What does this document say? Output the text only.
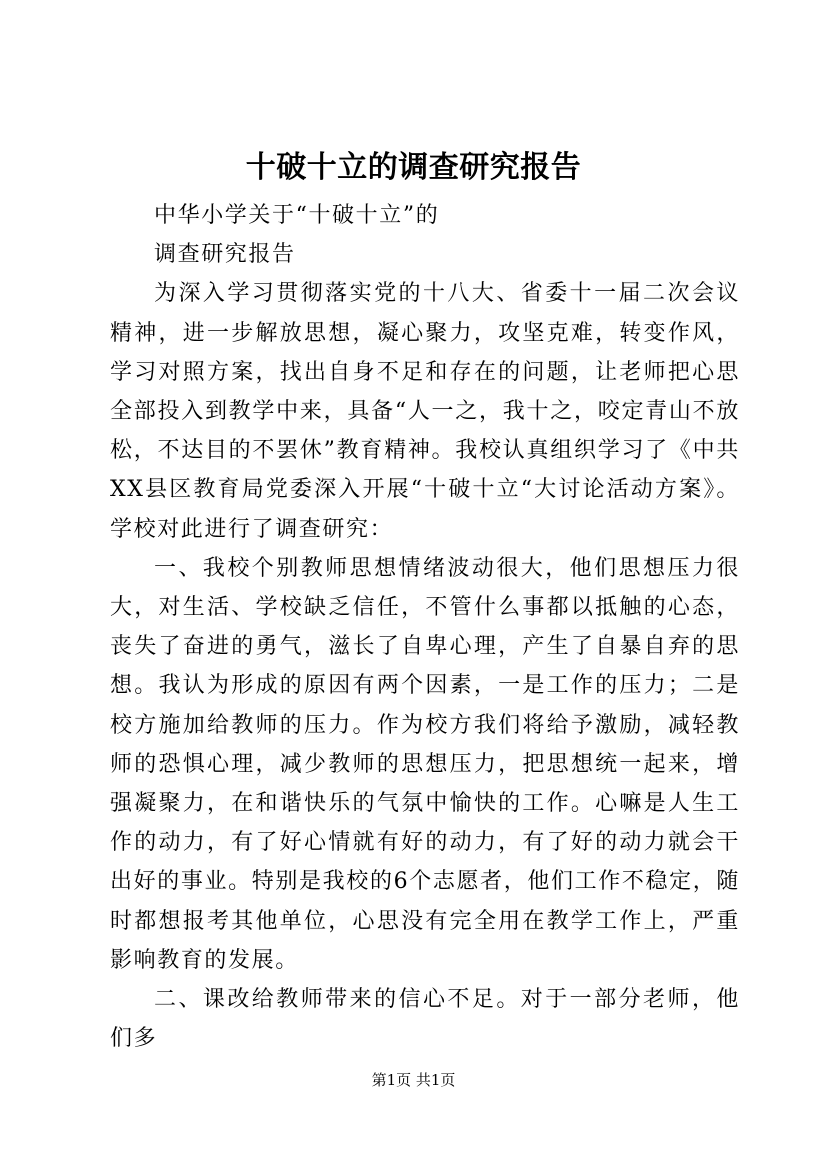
十破十立的调查研究报告

中华小学关于“十破十立”的

调查研究报告

为深入学习贯彻落实党的十八大、省委十一届二次会议精神，进一步解放思想，凝心聚力，攻坚克难，转变作风，学习对照方案，找出自身不足和存在的问题，让老师把心思全部投入到教学中来，具备“人一之，我十之，咬定青山不放松，不达目的不罢休”教育精神。我校认真组织学习了《中共XX县区教育局党委深入开展“十破十立“大讨论活动方案》。学校对此进行了调查研究：

一、我校个别教师思想情绪波动很大，他们思想压力很大，对生活、学校缺乏信任，不管什么事都以抵触的心态，丧失了奋进的勇气，滋长了自卑心理，产生了自暴自弃的思想。我认为形成的原因有两个因素，一是工作的压力；二是校方施加给教师的压力。作为校方我们将给予激励，减轻教师的恐惧心理，减少教师的思想压力，把思想统一起来，增强凝聚力，在和谐快乐的气氛中愉快的工作。心嘛是人生工作的动力，有了好心情就有好的动力，有了好的动力就会干出好的事业。特别是我校的6个志愿者，他们工作不稳定，随时都想报考其他单位，心思没有完全用在教学工作上，严重影响教育的发展。

二、课改给教师带来的信心不足。对于一部分老师，他们多

第1页 共1页
